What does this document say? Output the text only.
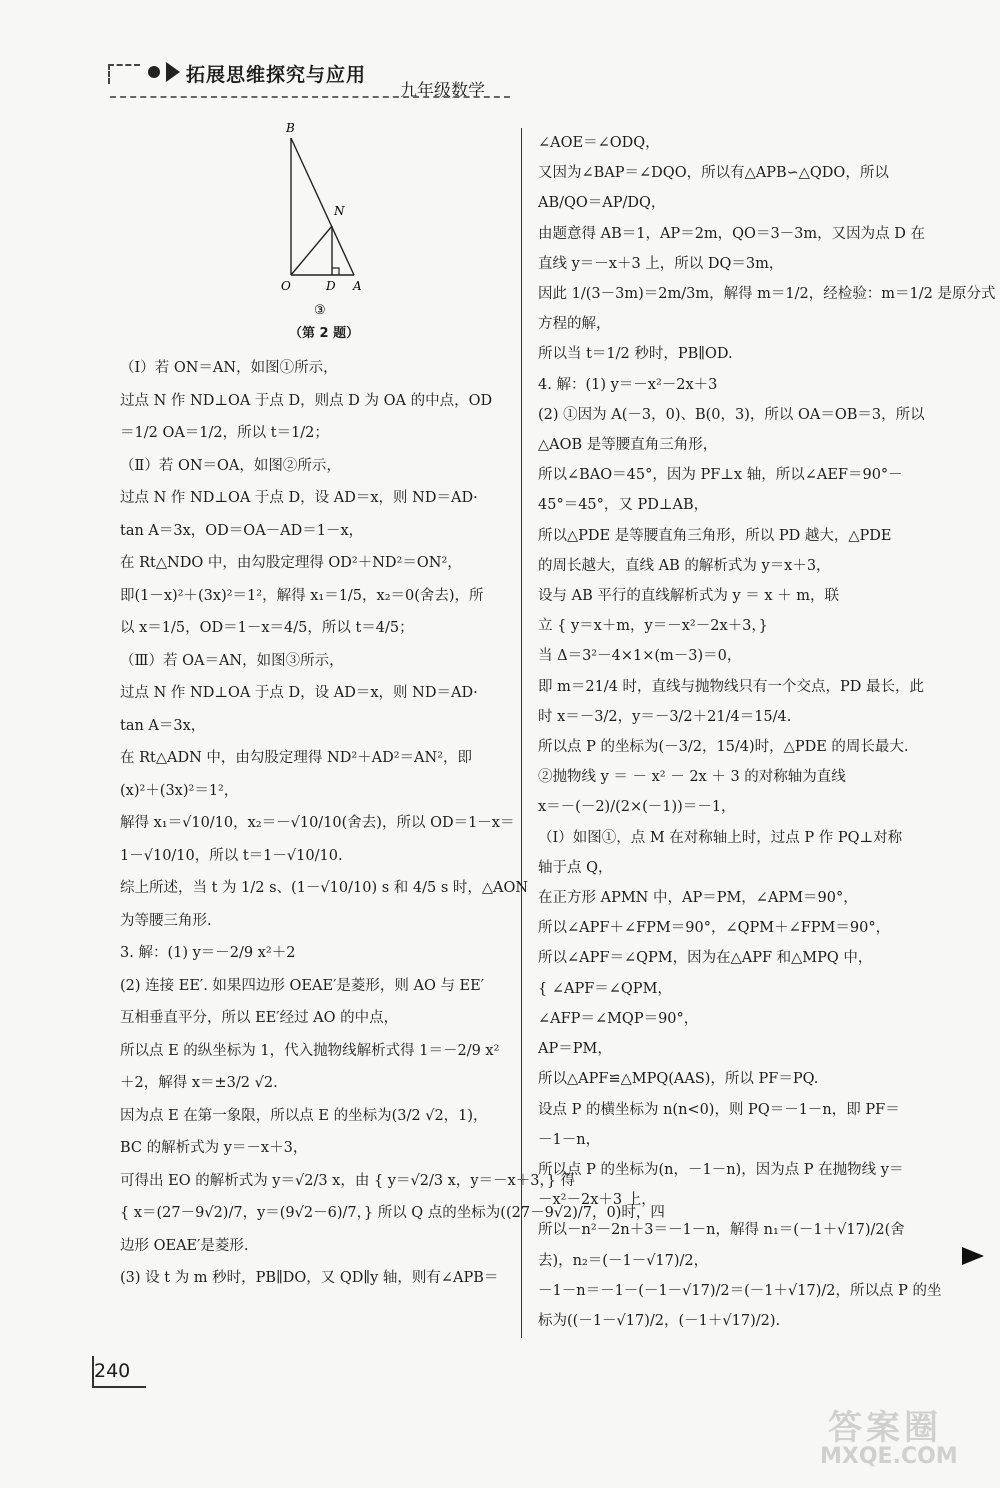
拓展思维探究与应用
九年级数学
B
N
O	D A
③
（第 2 题）

（Ⅰ）若 ON＝AN，如图①所示，

过点 N 作 ND⊥OA 于点 D，则点 D 为 OA 的中点，OD

＝1/2 OA＝1/2，所以 t＝1/2；

（Ⅱ）若 ON＝OA，如图②所示，

过点 N 作 ND⊥OA 于点 D，设 AD＝x，则 ND＝AD·

tan A＝3x，OD＝OA－AD＝1－x，

在 Rt△NDO 中，由勾股定理得 OD²＋ND²＝ON²，

即(1－x)²＋(3x)²＝1²，解得 x₁＝1/5，x₂＝0(舍去)，所

以 x＝1/5，OD＝1－x＝4/5，所以 t＝4/5；

（Ⅲ）若 OA＝AN，如图③所示，

过点 N 作 ND⊥OA 于点 D，设 AD＝x，则 ND＝AD·

tan A＝3x，

在 Rt△ADN 中，由勾股定理得 ND²＋AD²＝AN²，即

(x)²＋(3x)²＝1²，

解得 x₁＝√10/10，x₂＝－√10/10(舍去)，所以 OD＝1－x＝

1－√10/10，所以 t＝1－√10/10.

综上所述，当 t 为 1/2 s、(1－√10/10) s 和 4/5 s 时，△AON

为等腰三角形.

3. 解：(1) y＝－2/9 x²＋2

(2) 连接 EE′. 如果四边形 OEAE′是菱形，则 AO 与 EE′

互相垂直平分，所以 EE′经过 AO 的中点，

所以点 E 的纵坐标为 1，代入抛物线解析式得 1＝－2/9 x²

＋2，解得 x＝±3/2 √2.

因为点 E 在第一象限，所以点 E 的坐标为(3/2 √2，1)，

BC 的解析式为 y＝－x＋3，

可得出 EO 的解析式为 y＝√2/3 x，由 { y＝√2/3 x，y＝－x＋3，} 得

{ x＝(27－9√2)/7，y＝(9√2－6)/7，} 所以 Q 点的坐标为((27－9√2)/7，0)时，四

边形 OEAE′是菱形.

(3) 设 t 为 m 秒时，PB∥DO，又 QD∥y 轴，则有∠APB＝

∠AOE＝∠ODQ，

又因为∠BAP＝∠DQO，所以有△APB∽△QDO，所以

AB/QO＝AP/DQ，

由题意得 AB＝1，AP＝2m，QO＝3－3m，又因为点 D 在

直线 y＝－x＋3 上，所以 DQ＝3m，

因此 1/(3－3m)＝2m/3m，解得 m＝1/2，经检验：m＝1/2 是原分式

方程的解，

所以当 t＝1/2 秒时，PB∥OD.

4. 解：(1) y＝－x²－2x＋3

(2) ①因为 A(－3，0)、B(0，3)，所以 OA＝OB＝3，所以

△AOB 是等腰直角三角形，

所以∠BAO＝45°，因为 PF⊥x 轴，所以∠AEF＝90°－

45°＝45°，又 PD⊥AB，

所以△PDE 是等腰直角三角形，所以 PD 越大，△PDE

的周长越大，直线 AB 的解析式为 y＝x＋3，

设与 AB 平行的直线解析式为 y ＝ x ＋ m，联

立 { y＝x＋m，y＝－x²－2x＋3，}

当 Δ＝3²－4×1×(m－3)＝0，

即 m＝21/4 时，直线与抛物线只有一个交点，PD 最长，此

时 x＝－3/2，y＝－3/2＋21/4＝15/4.

所以点 P 的坐标为(－3/2，15/4)时，△PDE 的周长最大.

②抛物线 y ＝ － x² － 2x ＋ 3 的对称轴为直线

x＝－(－2)/(2×(－1))＝－1，

（Ⅰ）如图①，点 M 在对称轴上时，过点 P 作 PQ⊥对称

轴于点 Q，

在正方形 APMN 中，AP＝PM，∠APM＝90°，

所以∠APF＋∠FPM＝90°，∠QPM＋∠FPM＝90°，

所以∠APF＝∠QPM，因为在△APF 和△MPQ 中，

{ ∠APF＝∠QPM，

∠AFP＝∠MQP＝90°，

AP＝PM，

所以△APF≌△MPQ(AAS)，所以 PF＝PQ.

设点 P 的横坐标为 n(n<0)，则 PQ＝－1－n，即 PF＝

－1－n，

所以点 P 的坐标为(n，－1－n)，因为点 P 在抛物线 y＝

－x²－2x＋3 上，

所以－n²－2n＋3＝－1－n，解得 n₁＝(－1＋√17)/2(舍

去)，n₂＝(－1－√17)/2，

－1－n＝－1－(－1－√17)/2＝(－1＋√17)/2，所以点 P 的坐

标为((－1－√17)/2，(－1＋√17)/2).

240
答案圈
MXQE.COM
